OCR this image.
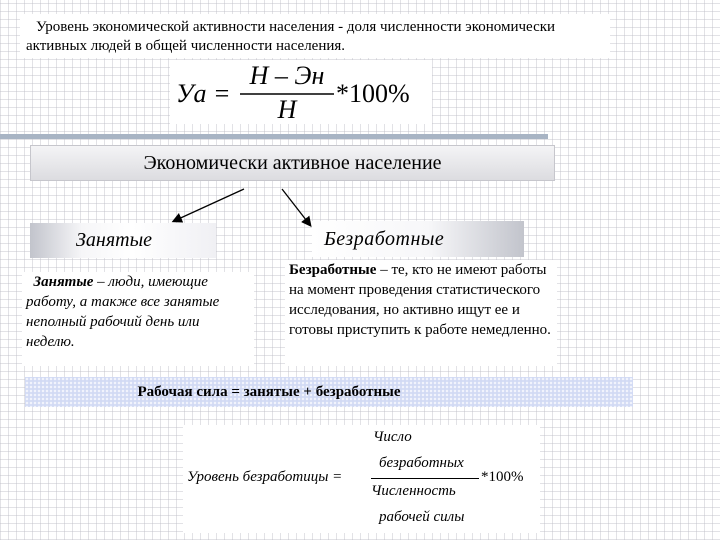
Уровень экономической активности населения - доля численности экономически
активных людей в общей численности населения.
Уа =
Н – Эн
Н
*100%
Экономически активное население
Занятые	Безработные
Занятые – люди, имеющие работу, а также все занятые неполный рабочий день или неделю.
Безработные – те, кто не имеют работы на момент проведения статистического исследования, но активно ищут ее и готовы приступить к работе немедленно.
Рабочая сила = занятые + безработные
Число
безработных
Уровень безработицы =	*100%
Численность
рабочей силы
